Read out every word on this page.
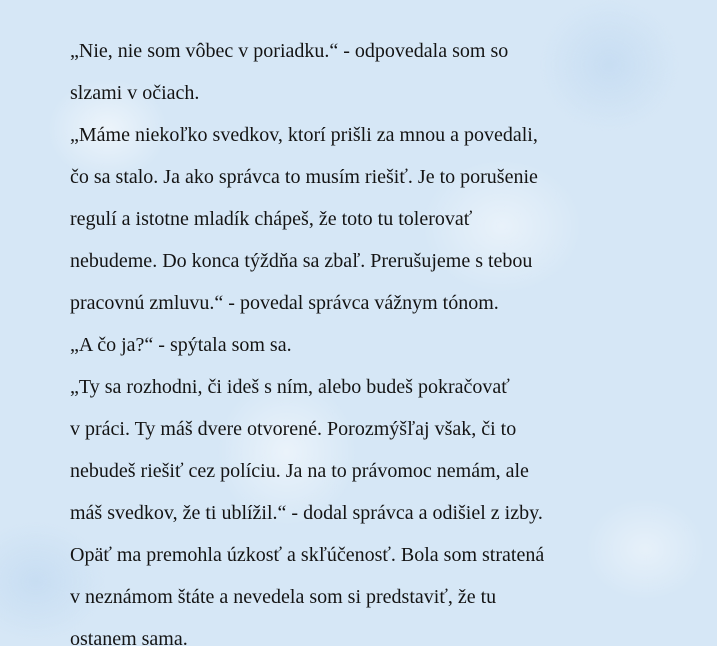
„Nie, nie som vôbec v poriadku.“ - odpovedala som so
slzami v očiach.
„Máme niekoľko svedkov, ktorí prišli za mnou a povedali,
čo sa stalo. Ja ako správca to musím riešiť. Je to porušenie
regulí a istotne mladík chápeš, že toto tu tolerovať
nebudeme. Do konca týždňa sa zbaľ. Prerušujeme s tebou
pracovnú zmluvu.“ - povedal správca vážnym tónom.
„A čo ja?“ - spýtala som sa.
„Ty sa rozhodni, či ideš s ním, alebo budeš pokračovať
v práci. Ty máš dvere otvorené. Porozmýšľaj však, či to
nebudeš riešiť cez políciu. Ja na to právomoc nemám, ale
máš svedkov, že ti ublížil.“ - dodal správca a odišiel z izby.
Opäť ma premohla úzkosť a skľúčenosť. Bola som stratená
v neznámom štáte a nevedela som si predstaviť, že tu
ostanem sama.
